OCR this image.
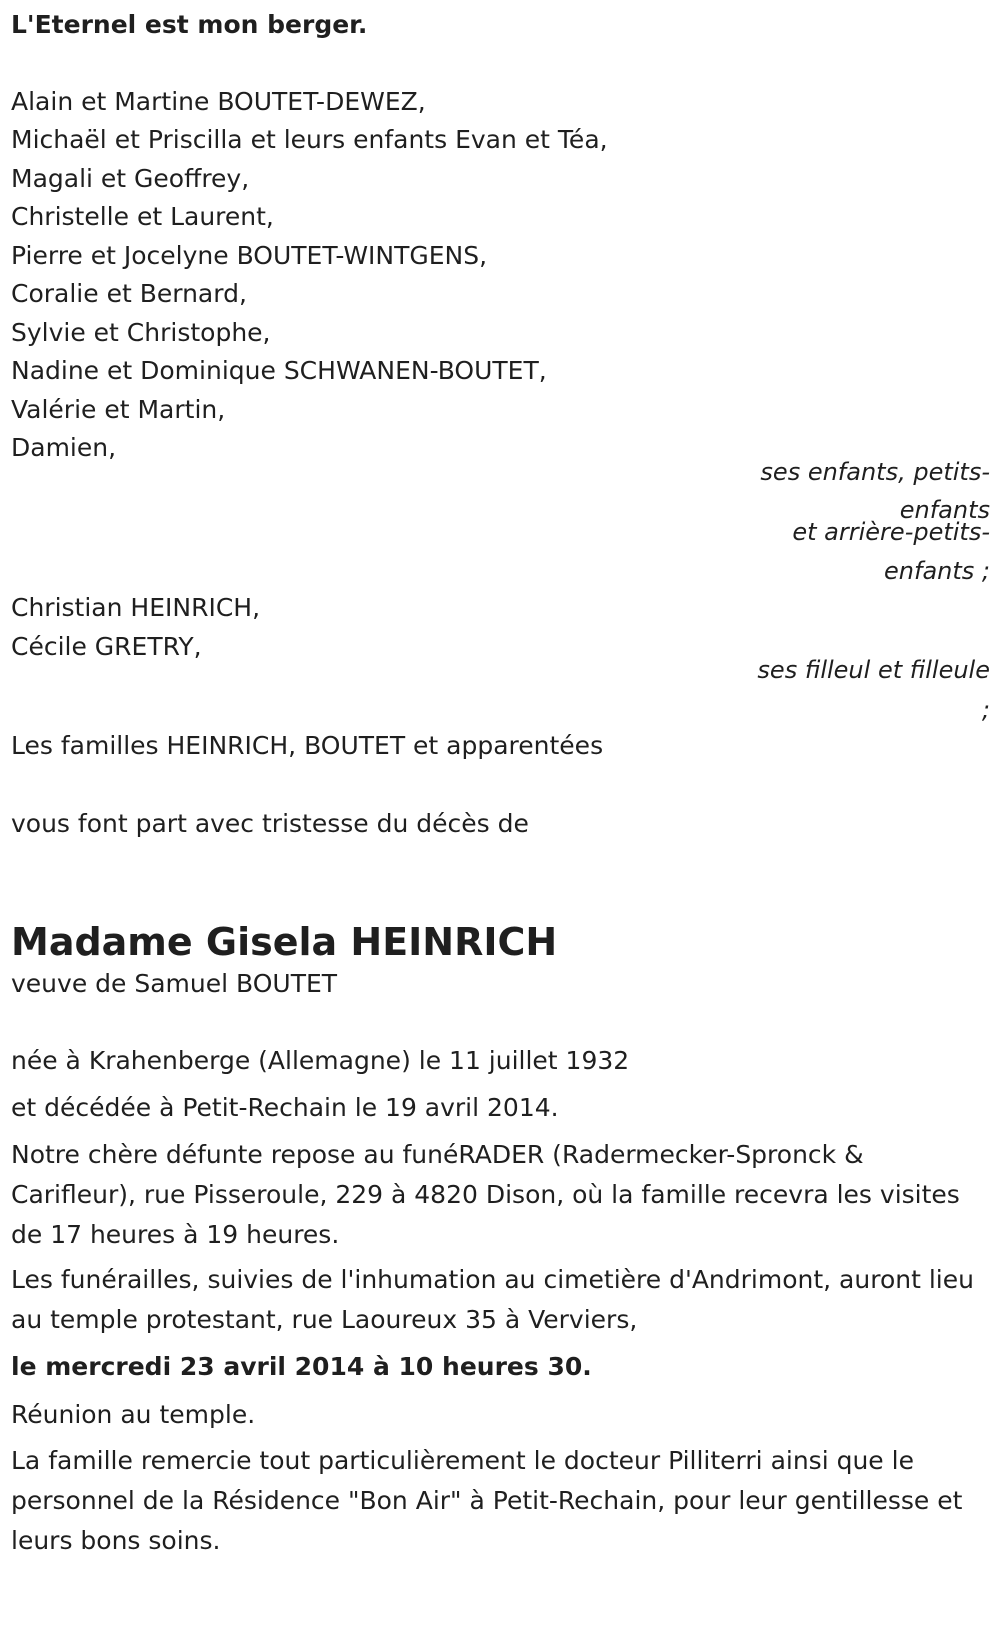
L'Eternel est mon berger.
Alain et Martine BOUTET-DEWEZ,
Michaël et Priscilla et leurs enfants Evan et Téa,
Magali et Geoffrey,
Christelle et Laurent,
Pierre et Jocelyne BOUTET-WINTGENS,
Coralie et Bernard,
Sylvie et Christophe,
Nadine et Dominique SCHWANEN-BOUTET,
Valérie et Martin,
Damien,
ses enfants, petits-
enfants
et arrière-petits-
enfants ;
Christian HEINRICH,
Cécile GRETRY,
ses filleul et filleule
;
Les familles HEINRICH, BOUTET et apparentées
vous font part avec tristesse du décès de
Madame Gisela HEINRICH
veuve de Samuel BOUTET
née à Krahenberge (Allemagne) le 11 juillet 1932
et décédée à Petit-Rechain le 19 avril 2014.
Notre chère défunte repose au funéRADER (Radermecker-Spronck & Carifleur), rue Pisseroule, 229 à 4820 Dison, où la famille recevra les visites de 17 heures à 19 heures.
Les funérailles, suivies de l'inhumation au cimetière d'Andrimont, auront lieu au temple protestant, rue Laoureux 35 à Verviers,
le mercredi 23 avril 2014 à 10 heures 30.
Réunion au temple.
La famille remercie tout particulièrement le docteur Pilliterri ainsi que le personnel de la Résidence "Bon Air" à Petit-Rechain, pour leur gentillesse et leurs bons soins.
